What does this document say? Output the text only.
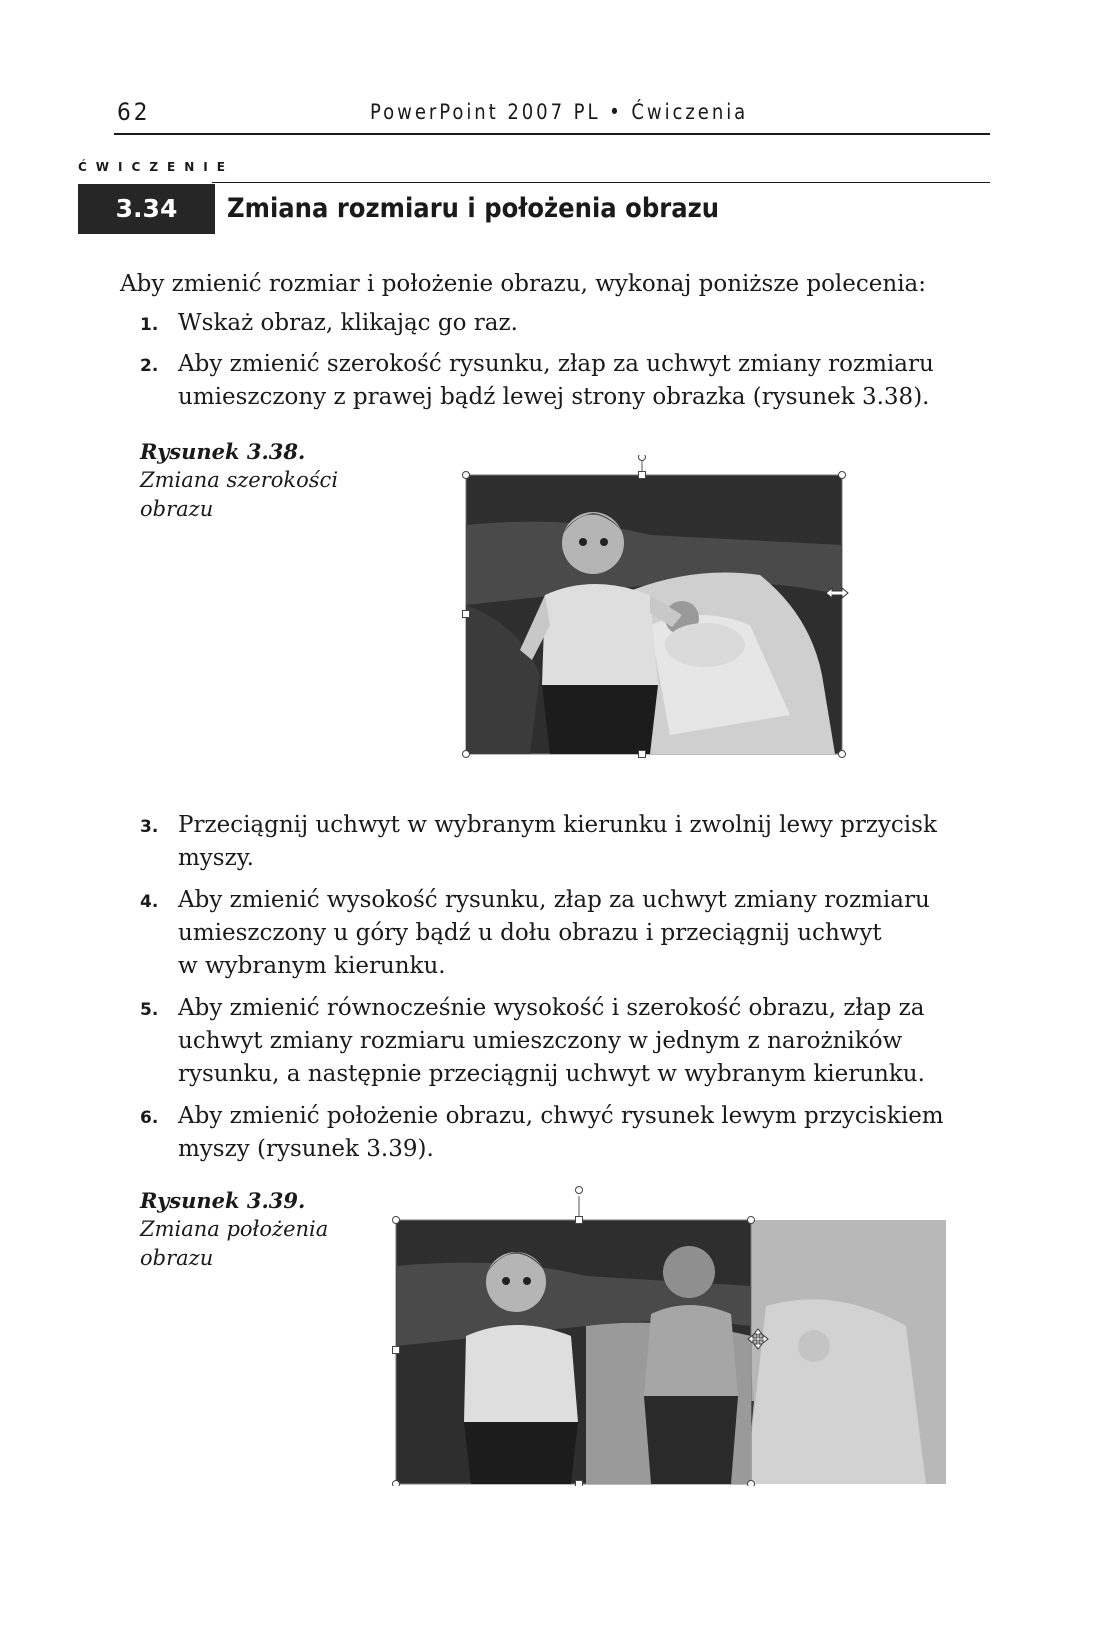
62	PowerPoint 2007 PL • Ćwiczenia
ĆWICZENIE
3.34	Zmiana rozmiaru i położenia obrazu
Aby zmienić rozmiar i położenie obrazu, wykonaj poniższe polecenia:
1. Wskaż obraz, klikając go raz.
2. Aby zmienić szerokość rysunku, złap za uchwyt zmiany rozmiaru
umieszczony z prawej bądź lewej strony obrazka (rysunek 3.38).
Rysunek 3.38.
Zmiana szerokości
obrazu
3. Przeciągnij uchwyt w wybranym kierunku i zwolnij lewy przycisk
myszy.
4. Aby zmienić wysokość rysunku, złap za uchwyt zmiany rozmiaru
umieszczony u góry bądź u dołu obrazu i przeciągnij uchwyt
w wybranym kierunku.
5. Aby zmienić równocześnie wysokość i szerokość obrazu, złap za
uchwyt zmiany rozmiaru umieszczony w jednym z narożników
rysunku, a następnie przeciągnij uchwyt w wybranym kierunku.
6. Aby zmienić położenie obrazu, chwyć rysunek lewym przyciskiem
myszy (rysunek 3.39).
Rysunek 3.39.
Zmiana położenia
obrazu
